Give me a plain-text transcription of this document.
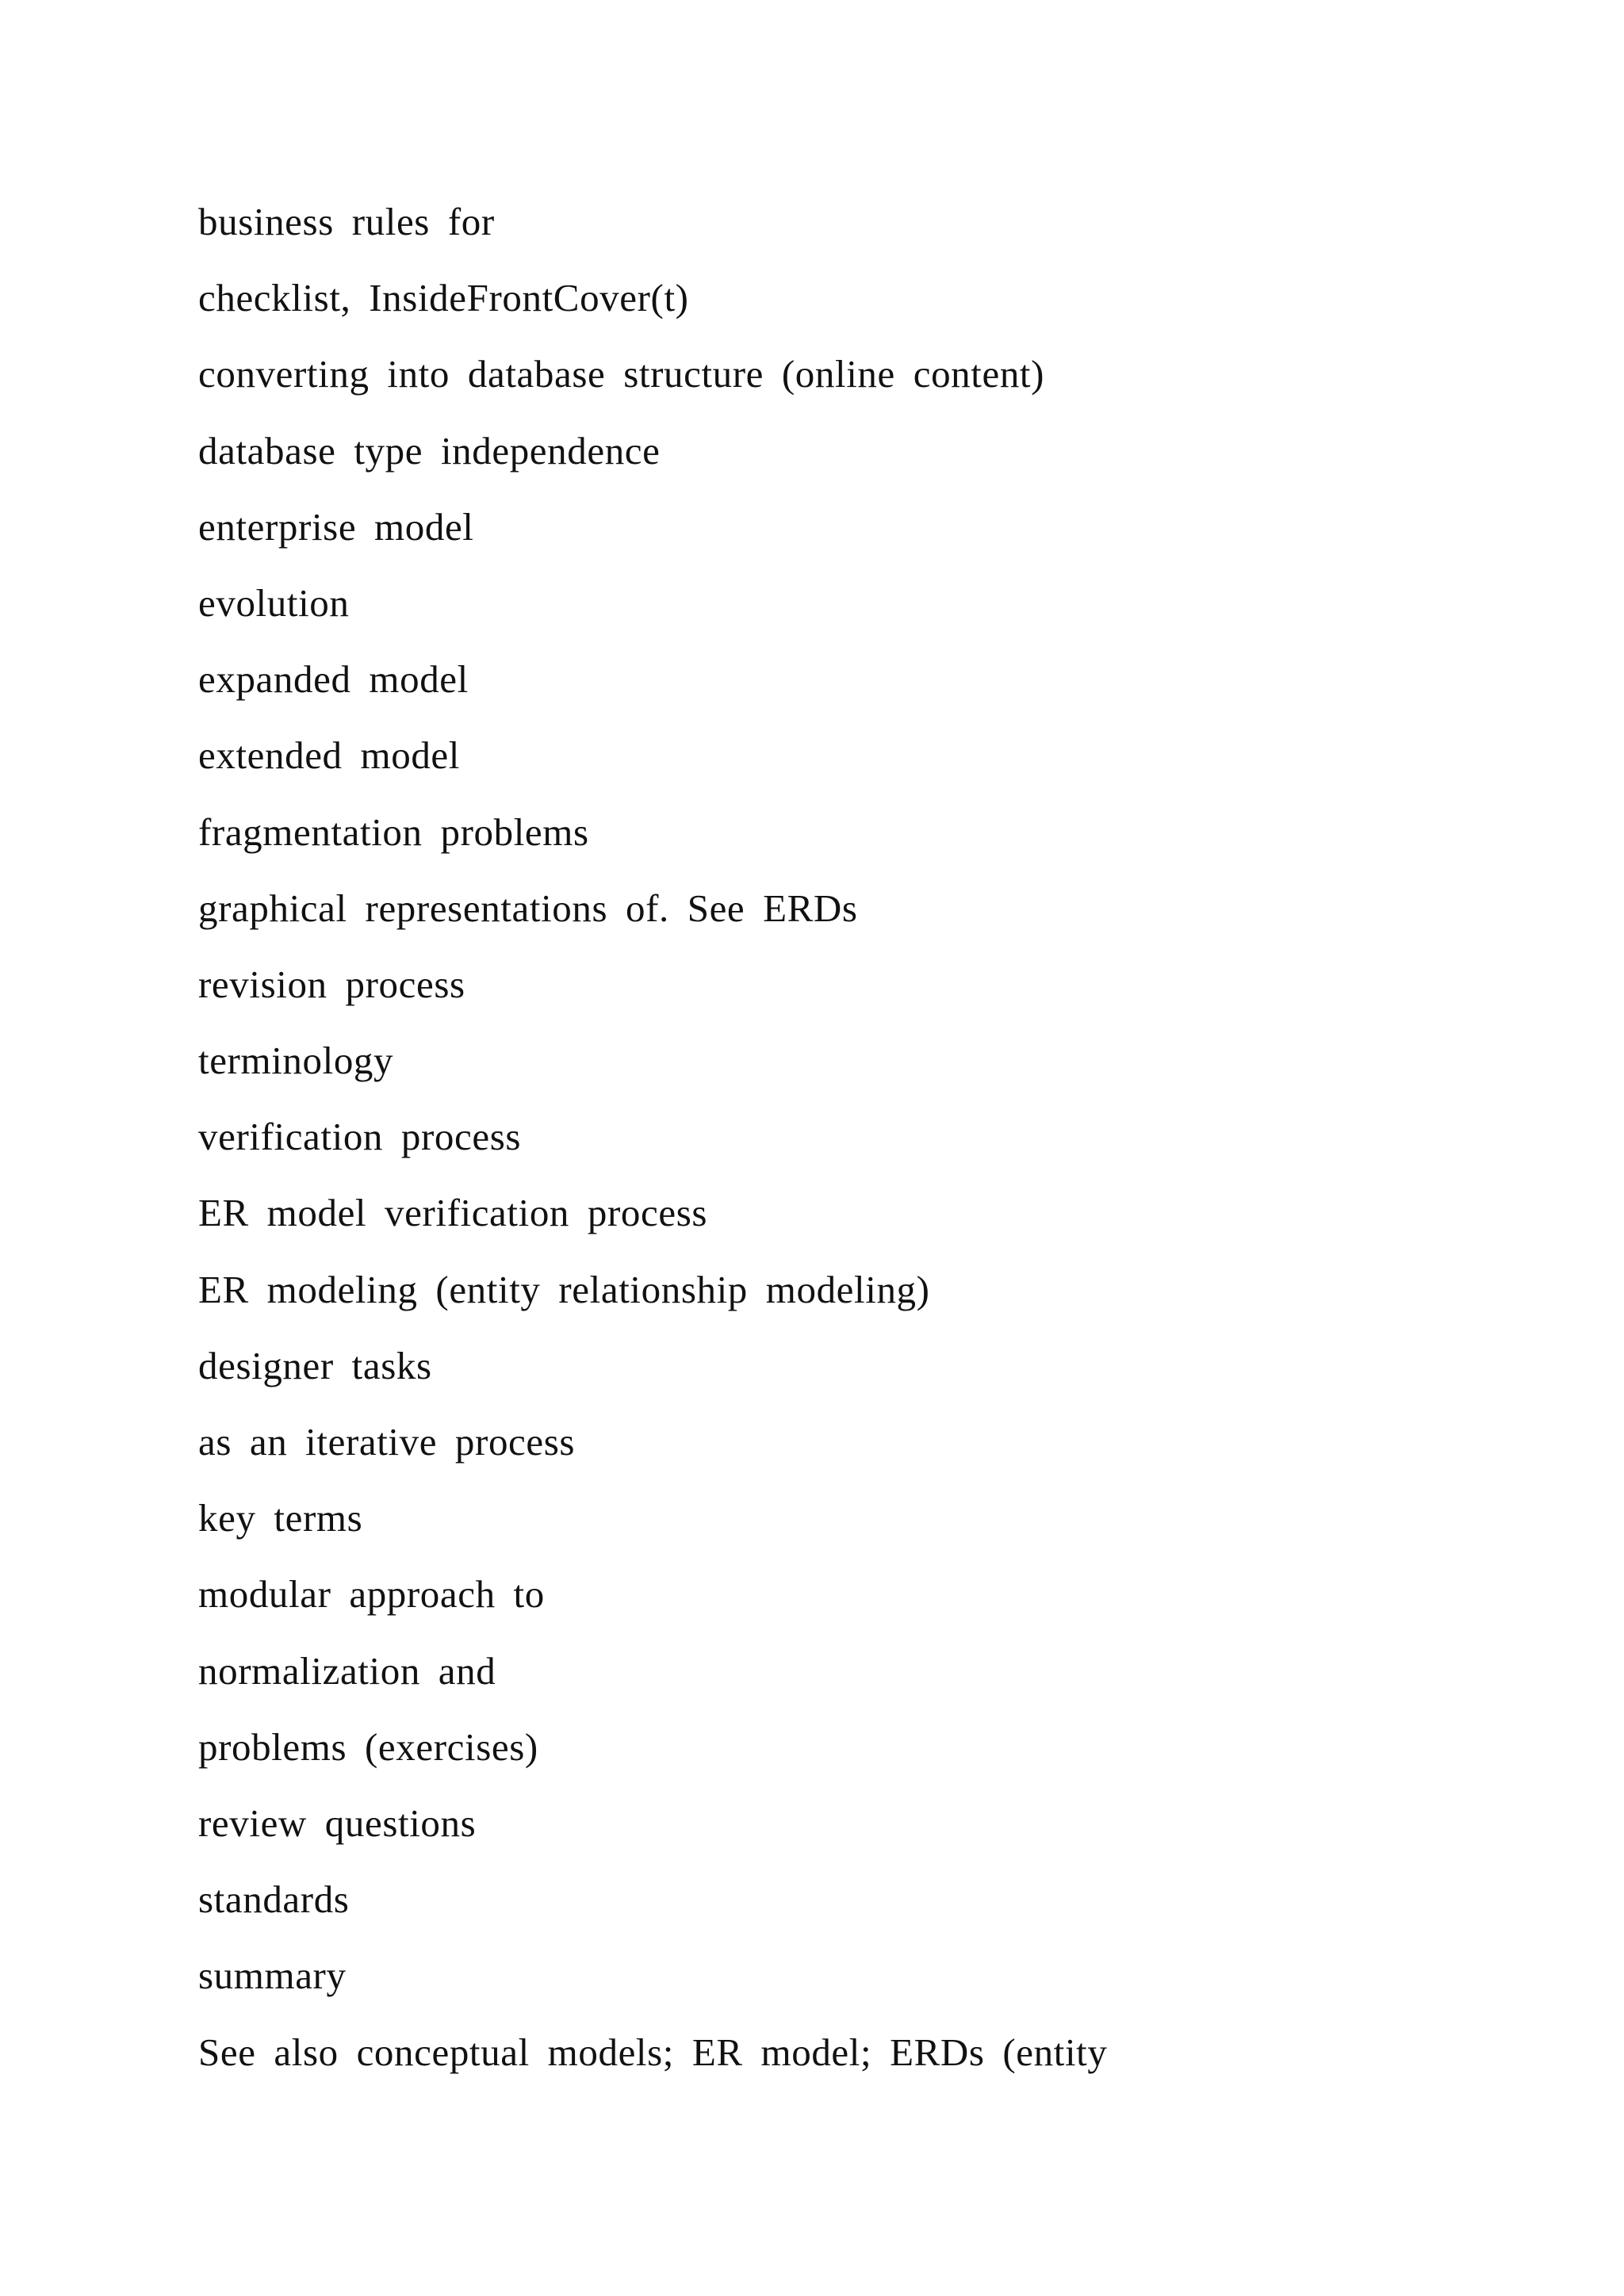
business rules for
checklist, InsideFrontCover(t)
converting into database structure (online content)
database type independence
enterprise model
evolution
expanded model
extended model
fragmentation problems
graphical representations of. See ERDs
revision process
terminology
verification process
ER model verification process
ER modeling (entity relationship modeling)
designer tasks
as an iterative process
key terms
modular approach to
normalization and
problems (exercises)
review questions
standards
summary
See also conceptual models; ER model; ERDs (entity
